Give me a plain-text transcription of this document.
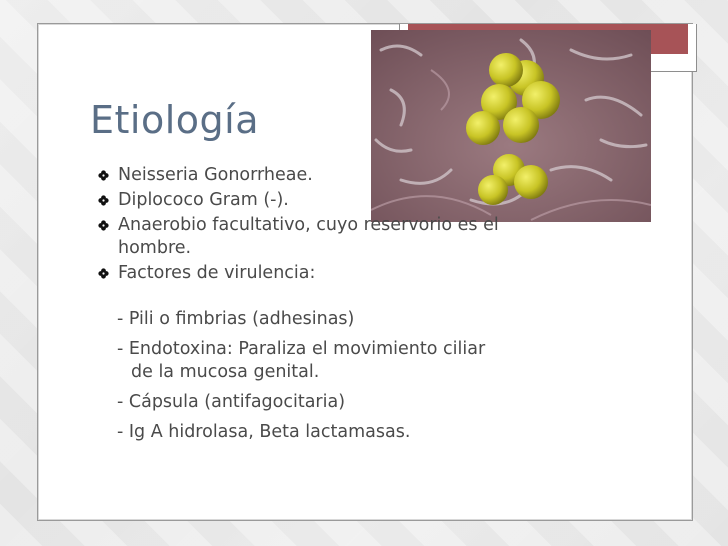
Etiología
Neisseria Gonorrheae.
Diplococo Gram (-).
Anaerobio facultativo, cuyo reservorio es el hombre.
Factores de virulencia:
- Pili o fimbrias (adhesinas)
- Endotoxina: Paraliza el movimiento ciliar
de la mucosa genital.
- Cápsula (antifagocitaria)
- Ig A hidrolasa, Beta lactamasas.
